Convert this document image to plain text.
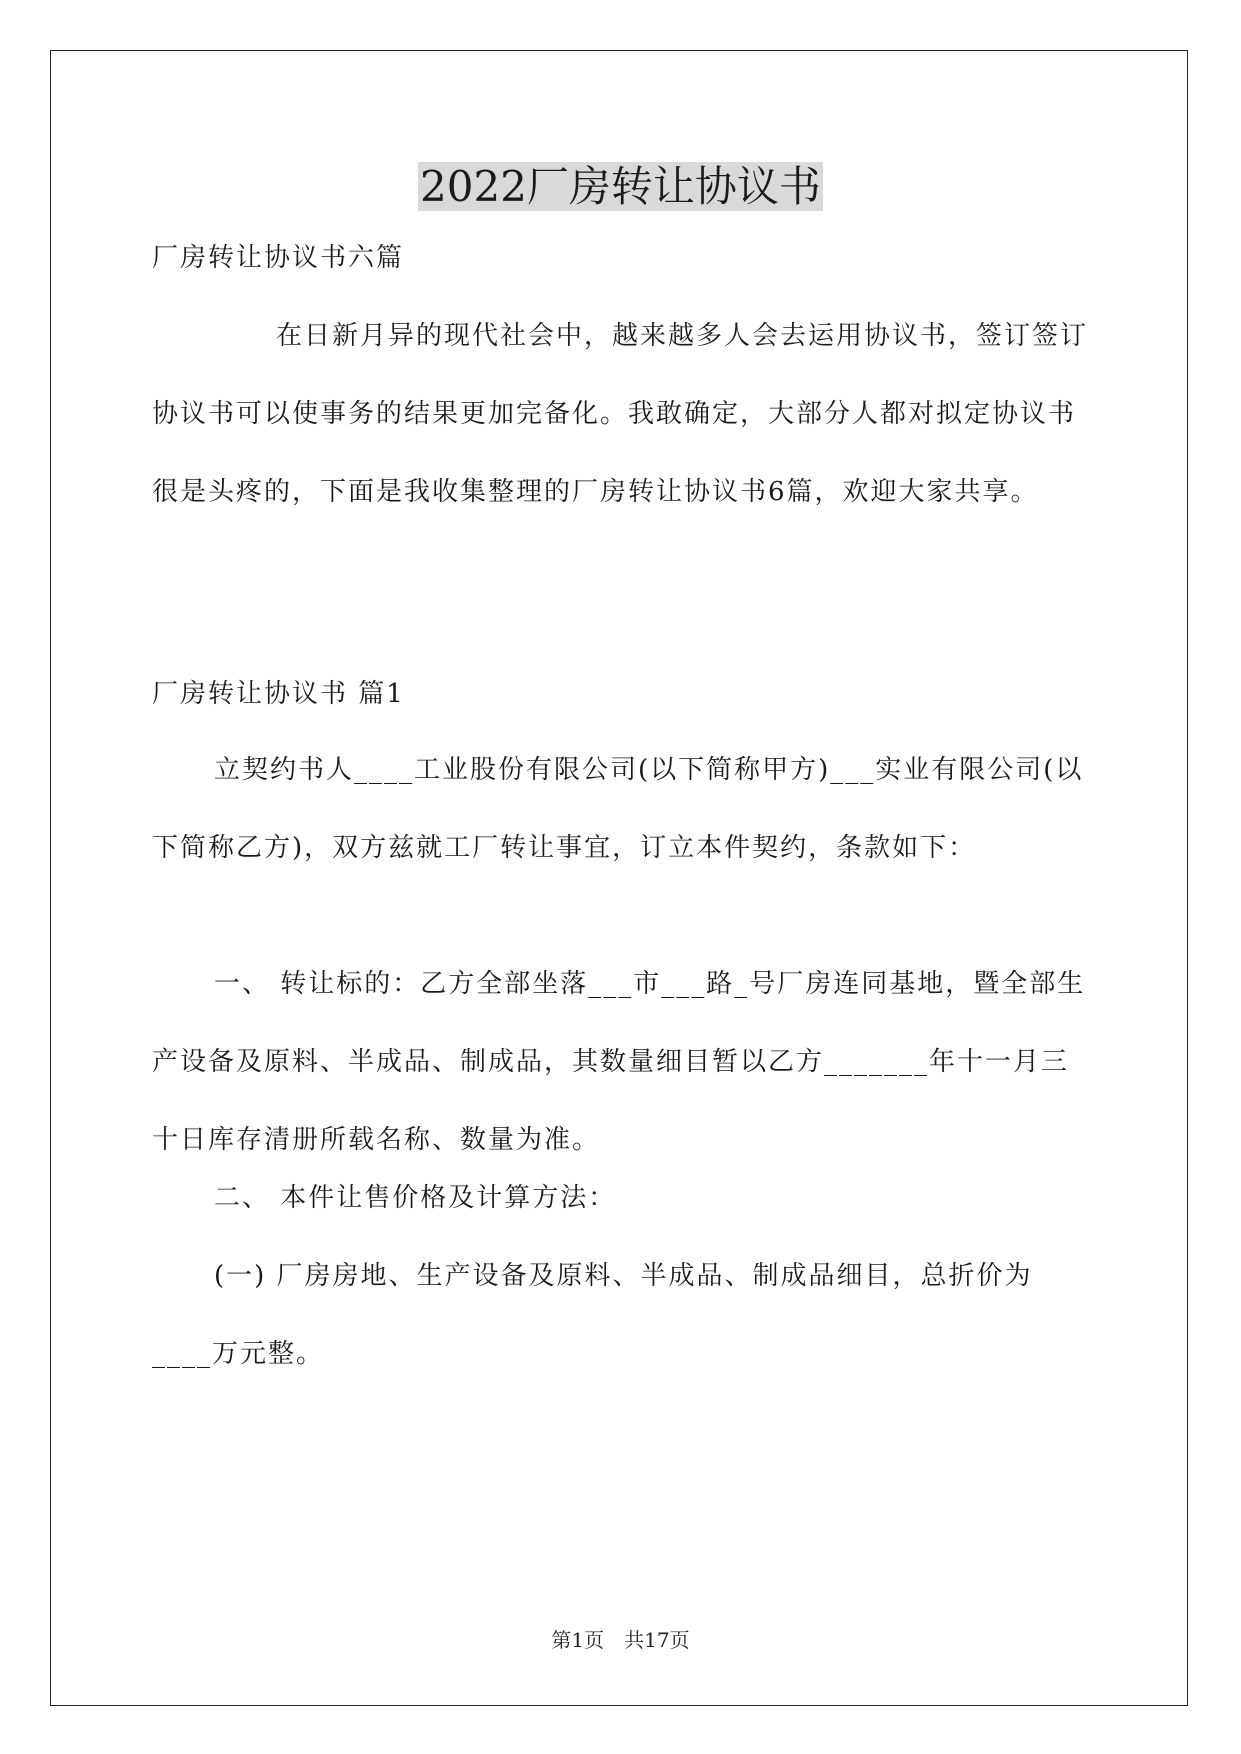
2022厂房转让协议书

厂房转让协议书六篇

在日新月异的现代社会中，越来越多人会去运用协议书，签订签订协议书可以使事务的结果更加完备化。我敢确定，大部分人都对拟定协议书很是头疼的，下面是我收集整理的厂房转让协议书6篇，欢迎大家共享。

厂房转让协议书 篇1

立契约书人____工业股份有限公司(以下简称甲方)___实业有限公司(以下简称乙方)，双方兹就工厂转让事宜，订立本件契约，条款如下：

一、 转让标的：乙方全部坐落___市___路_号厂房连同基地，暨全部生产设备及原料、半成品、制成品，其数量细目暂以乙方_______年十一月三十日库存清册所载名称、数量为准。

二、 本件让售价格及计算方法：

(一) 厂房房地、生产设备及原料、半成品、制成品细目，总折价为____万元整。

第1页　共17页
